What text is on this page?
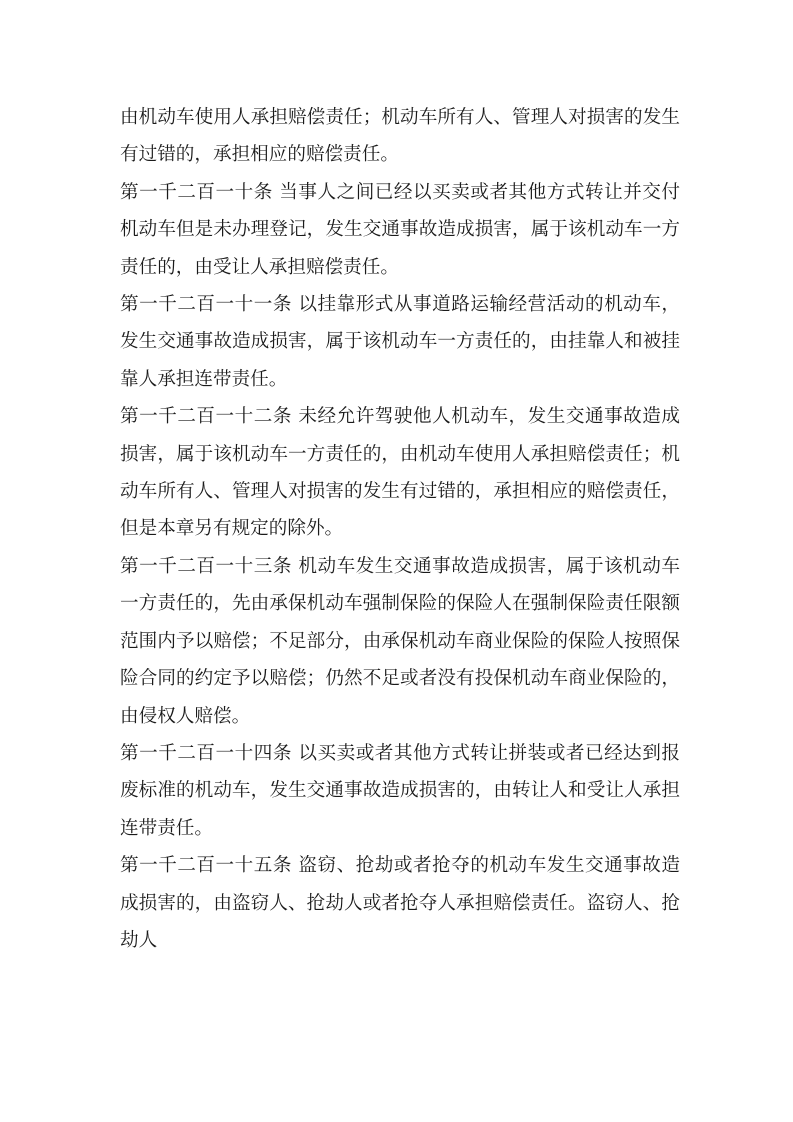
由机动车使用人承担赔偿责任；机动车所有人、管理人对损害的发生有过错的，承担相应的赔偿责任。

第一千二百一十条 当事人之间已经以买卖或者其他方式转让并交付机动车但是未办理登记，发生交通事故造成损害，属于该机动车一方责任的，由受让人承担赔偿责任。

第一千二百一十一条 以挂靠形式从事道路运输经营活动的机动车，发生交通事故造成损害，属于该机动车一方责任的，由挂靠人和被挂靠人承担连带责任。

第一千二百一十二条 未经允许驾驶他人机动车，发生交通事故造成损害，属于该机动车一方责任的，由机动车使用人承担赔偿责任；机动车所有人、管理人对损害的发生有过错的，承担相应的赔偿责任，但是本章另有规定的除外。

第一千二百一十三条 机动车发生交通事故造成损害，属于该机动车一方责任的，先由承保机动车强制保险的保险人在强制保险责任限额范围内予以赔偿；不足部分，由承保机动车商业保险的保险人按照保险合同的约定予以赔偿；仍然不足或者没有投保机动车商业保险的，由侵权人赔偿。

第一千二百一十四条 以买卖或者其他方式转让拼装或者已经达到报废标准的机动车，发生交通事故造成损害的，由转让人和受让人承担连带责任。

第一千二百一十五条 盗窃、抢劫或者抢夺的机动车发生交通事故造成损害的，由盗窃人、抢劫人或者抢夺人承担赔偿责任。盗窃人、抢劫人
